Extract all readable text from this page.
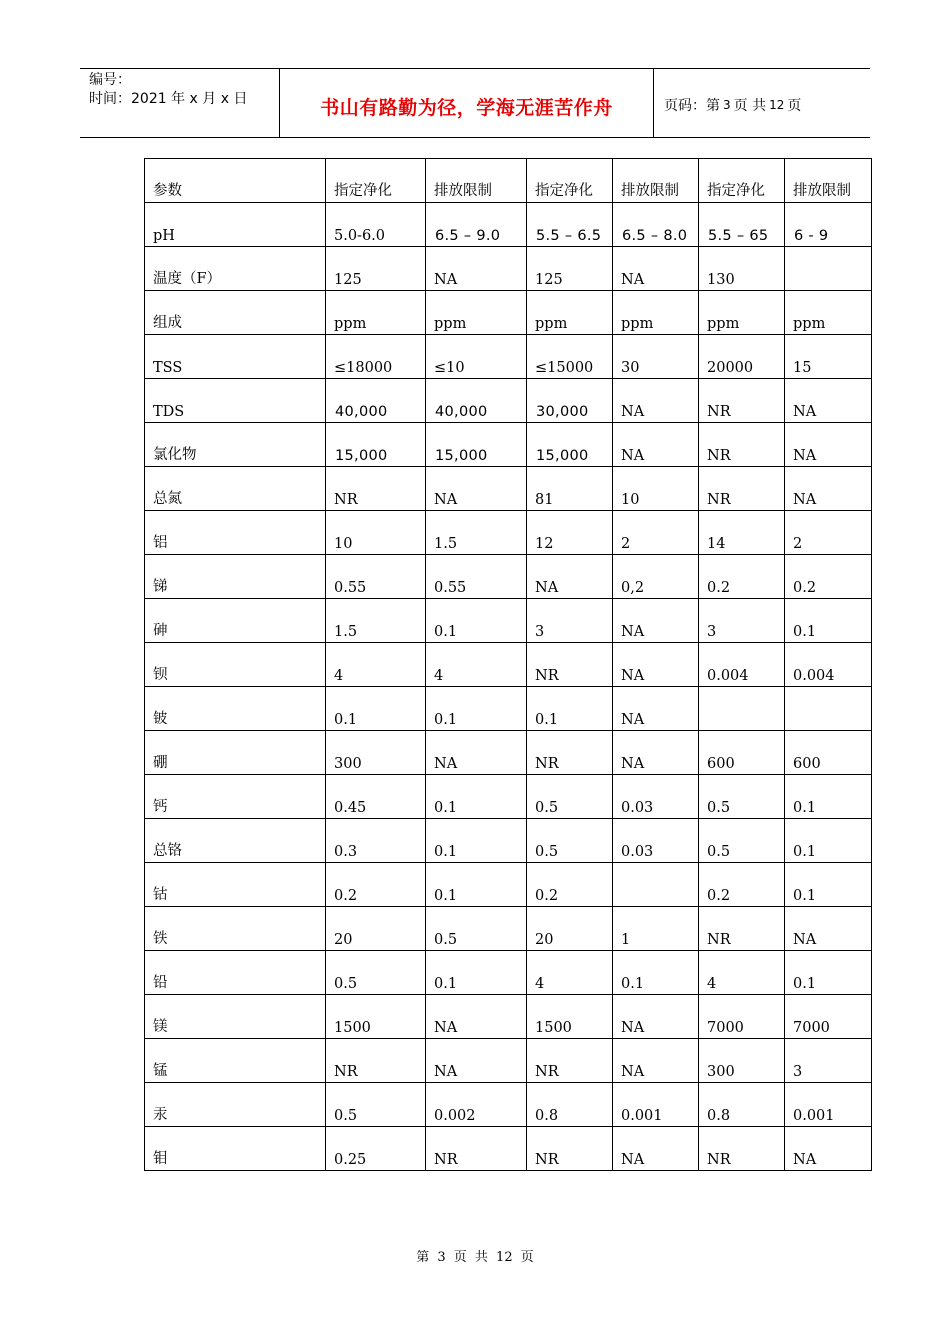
编号：
时间：2021 年 x 月 x 日	书山有路勤为径，学海无涯苦作舟	页码：第 3 页 共 12 页
参数	指定净化	排放限制	指定净化	排放限制	指定净化	排放限制
pH	5.0-6.0	6.5 – 9.0	5.5 – 6.5	6.5 – 8.0	5.5 – 65	6 - 9
温度（F）	125	NA	125	NA	130	
组成	ppm	ppm	ppm	ppm	ppm	ppm
TSS	≤18000	≤10	≤15000	30	20000	15
TDS	40,000	40,000	30,000	NA	NR	NA
氯化物	15,000	15,000	15,000	NA	NR	NA
总氮	NR	NA	81	10	NR	NA
铝	10	1.5	12	2	14	2
锑	0.55	0.55	NA	0,2	0.2	0.2
砷	1.5	0.1	3	NA	3	0.1
钡	4	4	NR	NA	0.004	0.004
铍	0.1	0.1	0.1	NA		
硼	300	NA	NR	NA	600	600
钙	0.45	0.1	0.5	0.03	0.5	0.1
总铬	0.3	0.1	0.5	0.03	0.5	0.1
钴	0.2	0.1	0.2		0.2	0.1
铁	20	0.5	20	1	NR	NA
铅	0.5	0.1	4	0.1	4	0.1
镁	1500	NA	1500	NA	7000	7000
锰	NR	NA	NR	NA	300	3
汞	0.5	0.002	0.8	0.001	0.8	0.001
钼	0.25	NR	NR	NA	NR	NA
第 3 页 共 12 页
